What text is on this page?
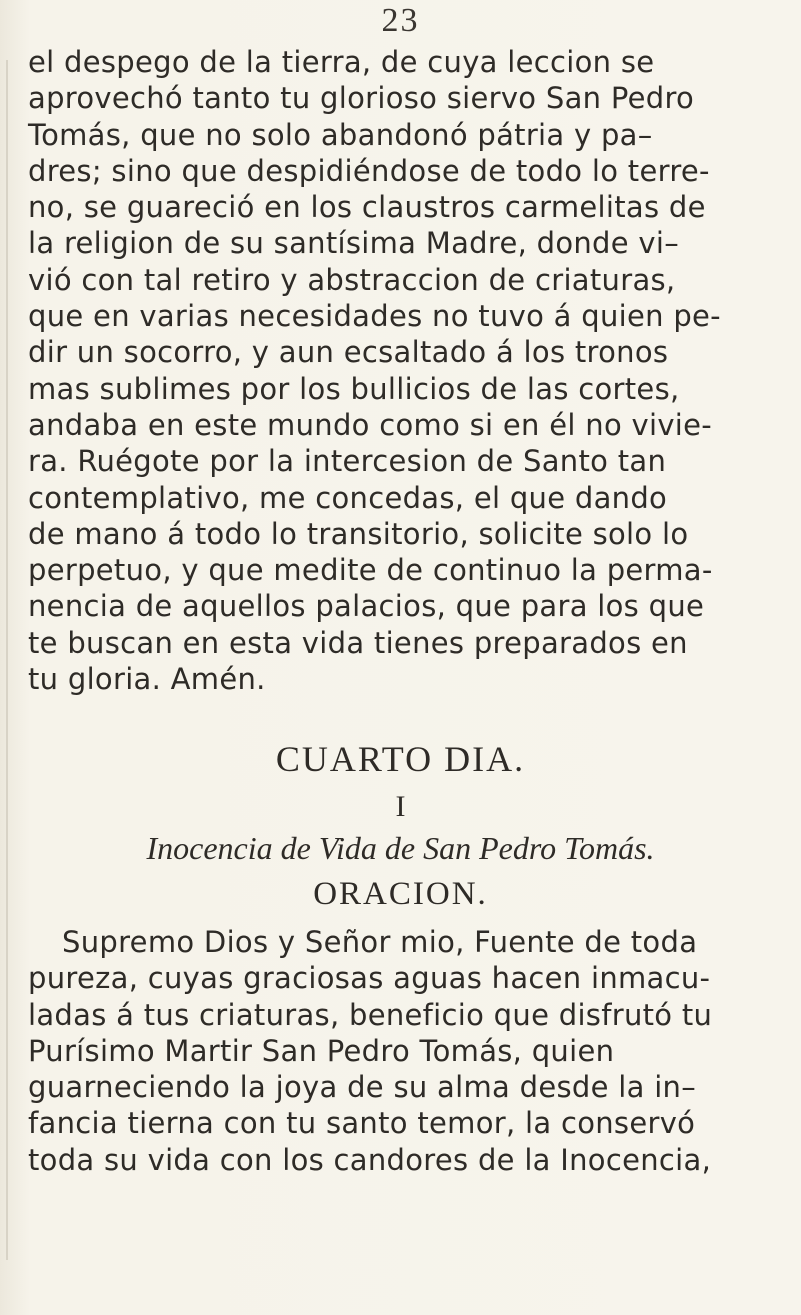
23
el despego de la tierra, de cuya leccion se
aprovechó tanto tu glorioso siervo San Pedro
Tomás, que no solo abandonó pátria y pa–
dres; sino que despidiéndose de todo lo terre-
no, se guareció en los claustros carmelitas de
la religion de su santísima Madre, donde vi–
vió con tal retiro y abstraccion de criaturas,
que en varias necesidades no tuvo á quien pe-
dir un socorro, y aun ecsaltado á los tronos
mas sublimes por los bullicios de las cortes,
andaba en este mundo como si en él no vivie-
ra. Ruégote por la intercesion de Santo tan
contemplativo, me concedas, el que dando
de mano á todo lo transitorio, solicite solo lo
perpetuo, y que medite de continuo la perma-
nencia de aquellos palacios, que para los que
te buscan en esta vida tienes preparados en
tu gloria. Amén.
CUARTO DIA.
I
Inocencia de Vida de San Pedro Tomás.
ORACION.
Supremo Dios y Señor mio, Fuente de toda
pureza, cuyas graciosas aguas hacen inmacu-
ladas á tus criaturas, beneficio que disfrutó tu
Purísimo Martir San Pedro Tomás, quien
guarneciendo la joya de su alma desde la in–
fancia tierna con tu santo temor, la conservó
toda su vida con los candores de la Inocencia,
